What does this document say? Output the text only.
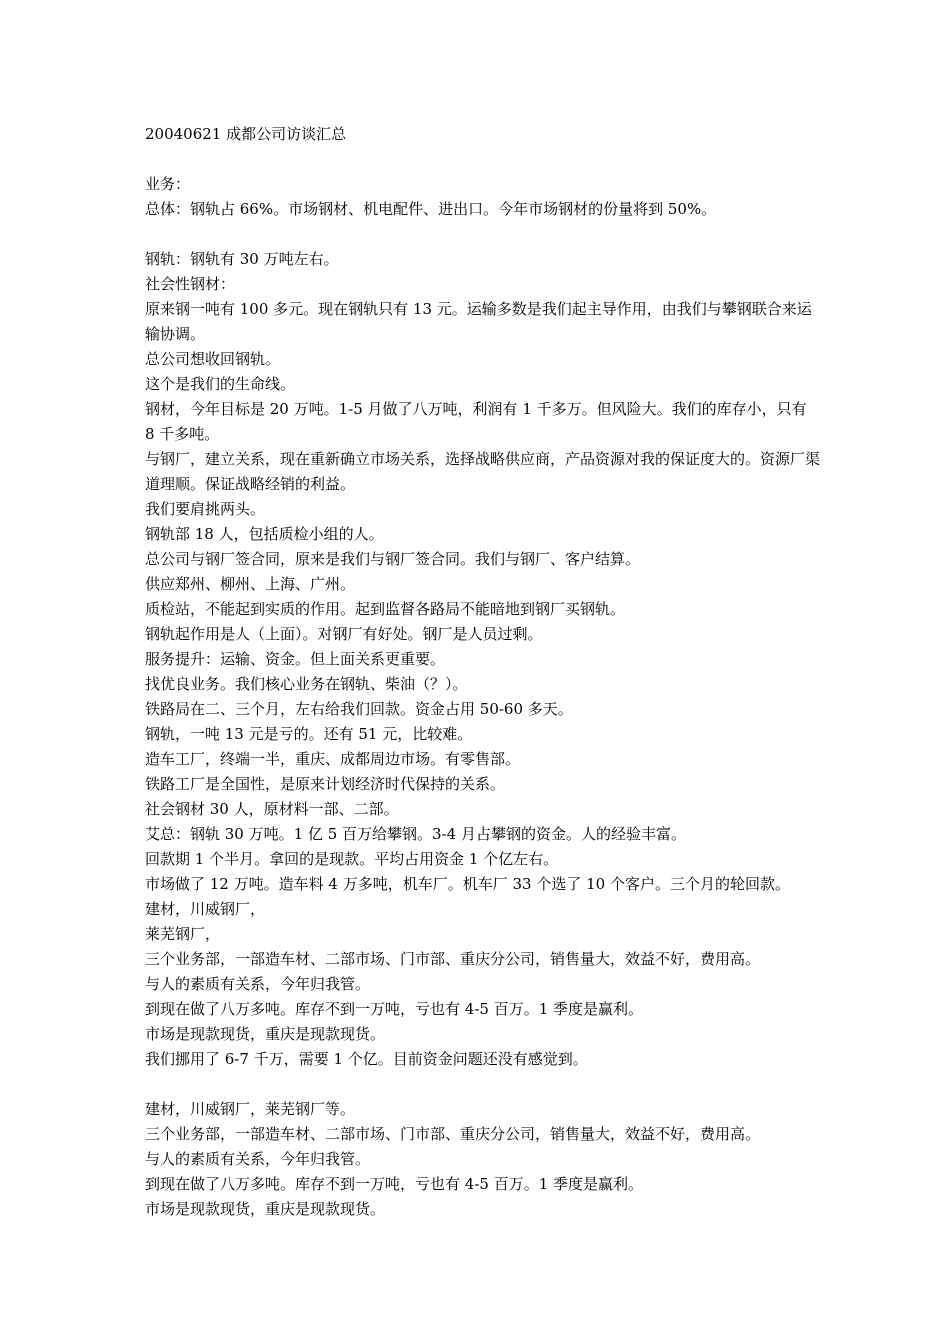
20040621 成都公司访谈汇总

业务：

总体：钢轨占 66%。市场钢材、机电配件、进出口。今年市场钢材的份量将到 50%。

钢轨：钢轨有 30 万吨左右。

社会性钢材：

原来钢一吨有 100 多元。现在钢轨只有 13 元。运输多数是我们起主导作用，由我们与攀钢联合来运输协调。

总公司想收回钢轨。

这个是我们的生命线。

钢材，今年目标是 20 万吨。1-5 月做了八万吨，利润有 1 千多万。但风险大。我们的库存小，只有 8 千多吨。

与钢厂，建立关系，现在重新确立市场关系，选择战略供应商，产品资源对我的保证度大的。资源厂渠道理顺。保证战略经销的利益。

我们要肩挑两头。

钢轨部 18 人，包括质检小组的人。

总公司与钢厂签合同，原来是我们与钢厂签合同。我们与钢厂、客户结算。

供应郑州、柳州、上海、广州。

质检站，不能起到实质的作用。起到监督各路局不能暗地到钢厂买钢轨。

钢轨起作用是人（上面）。对钢厂有好处。钢厂是人员过剩。

服务提升：运输、资金。但上面关系更重要。

找优良业务。我们核心业务在钢轨、柴油（？）。

铁路局在二、三个月，左右给我们回款。资金占用 50-60 多天。

钢轨，一吨 13 元是亏的。还有 51 元，比较难。

造车工厂，终端一半，重庆、成都周边市场。有零售部。

铁路工厂是全国性，是原来计划经济时代保持的关系。

社会钢材 30 人，原材料一部、二部。

艾总：钢轨 30 万吨。1 亿 5 百万给攀钢。3-4 月占攀钢的资金。人的经验丰富。

回款期 1 个半月。拿回的是现款。平均占用资金 1 个亿左右。

市场做了 12 万吨。造车料 4 万多吨，机车厂。机车厂 33 个选了 10 个客户。三个月的轮回款。

建材，川威钢厂，

莱芜钢厂，

三个业务部，一部造车材、二部市场、门市部、重庆分公司，销售量大，效益不好，费用高。

与人的素质有关系，今年归我管。

到现在做了八万多吨。库存不到一万吨，亏也有 4-5 百万。1 季度是赢利。

市场是现款现货，重庆是现款现货。

我们挪用了 6-7 千万，需要 1 个亿。目前资金问题还没有感觉到。

建材，川威钢厂，莱芜钢厂等。

三个业务部，一部造车材、二部市场、门市部、重庆分公司，销售量大，效益不好，费用高。

与人的素质有关系，今年归我管。

到现在做了八万多吨。库存不到一万吨，亏也有 4-5 百万。1 季度是赢利。

市场是现款现货，重庆是现款现货。
